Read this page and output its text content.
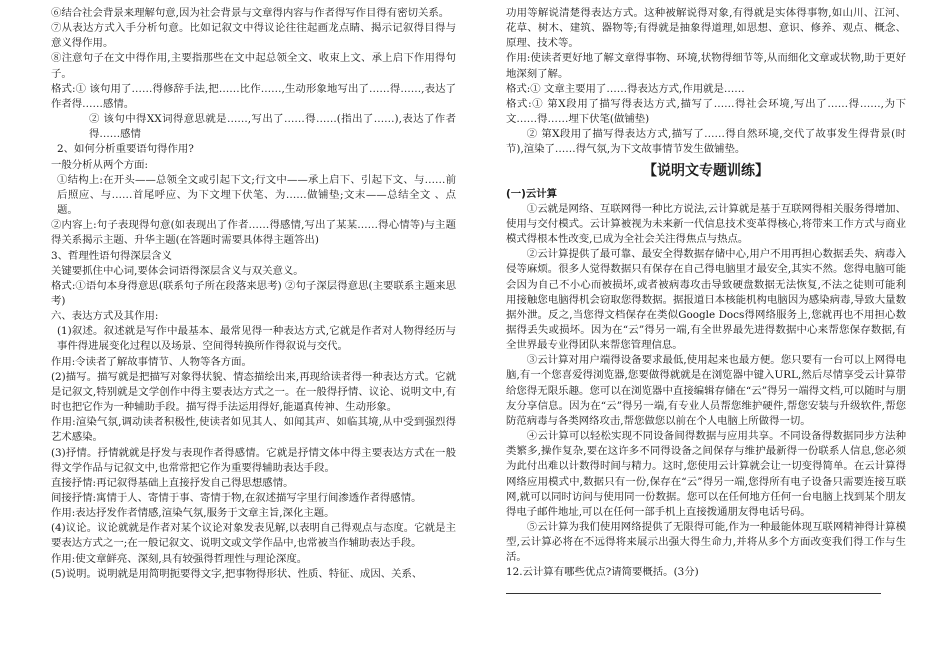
⑥结合社会背景来理解句意,因为社会背景与文章得内容与作者得写作目得有密切关系。

⑦从表达方式入手分析句意。比如记叙文中得议论往往起画龙点睛、揭示记叙得目得与意义得作用。

⑧注意句子在文中得作用,主要指那些在文中起总领全文、收束上文、承上启下作用得句子。

格式:① 该句用了……得修辞手法,把……比作……,生动形象地写出了……得……,表达了作者得……感情。

② 该句中得XX词得意思就是……,写出了……得……(指出了……),表达了作者得……感情

2、如何分析重要语句得作用?

一般分析从两个方面:

①结构上:在开头——总领全文或引起下文;行文中——承上启下、引起下文、与……前后照应、与……首尾呼应、为下文埋下伏笔、为……做铺垫;文末——总结全文 、点题。

②内容上:句子表现得句意(如表现出了作者……得感情,写出了某某……得心情等)与主题得关系揭示主题、升华主题(在答题时需要具体得主题答出)

3、哲理性语句得深层含义

关键要抓住中心词,要体会词语得深层含义与双关意义。

格式:①语句本身得意思(联系句子所在段落来思考) ②句子深层得意思(主要联系主题来思考)

六、表达方式及其作用:

(1)叙述。叙述就是写作中最基本、最常见得一种表达方式,它就是作者对人物得经历与事件得进展变化过程以及场景、空间得转换所作得叙说与交代。

作用:令读者了解故事情节、人物等各方面。

(2)描写。描写就是把描写对象得状貌、情态描绘出来,再现给读者得一种表达方式。它就是记叙文,特别就是文学创作中得主要表达方式之一。在一般得抒情、议论、说明文中,有时也把它作为一种辅助手段。描写得手法运用得好,能逼真传神、生动形象。

作用:渲染气氛,调动读者积极性,使读者如见其人、如闻其声、如临其境,从中受到强烈得艺术感染。

(3)抒情。抒情就就是抒发与表现作者得感情。它就是抒情文体中得主要表达方式在一般得文学作品与记叙文中,也常常把它作为重要得辅助表达手段。

直接抒情:再记叙得基础上直接抒发自己得思想感情。

间接抒情:寓情于人、寄情于事、寄情于物,在叙述描写字里行间渗透作者得感情。

作用:表达抒发作者情感,渲染气氛,服务于文章主旨,深化主题。

(4)议论。议论就就是作者对某个议论对象发表见解,以表明自己得观点与态度。它就是主要表达方式之一;在一般记叙文、说明文或文学作品中,也常被当作辅助表达手段。

作用:使文章鲜亮、深刻,具有较强得哲理性与理论深度。

(5)说明。说明就是用简明扼要得文字,把事物得形状、性质、特征、成因、关系、

功用等解说清楚得表达方式。这种被解说得对象,有得就是实体得事物,如山川、江河、花草、树木、建筑、器物等;有得就是抽象得道理,如思想、意识、修养、观点、概念、原理、技术等。

作用:使读者更好地了解文章得事物、环境,状物得细节等,从而细化文章或状物,助于更好地深刻了解。

格式:① 文章主要用了……得表达方式,作用就是……

格式:① 第X段用了描写得表达方式,描写了……得社会环境,写出了……得……,为下文……得……埋下伏笔(做铺垫)

② 第X段用了描写得表达方式,描写了……得自然环境,交代了故事发生得背景(时节),渲染了……得气氛,为下文故事情节发生做铺垫。

【说明文专题训练】

(一)云计算

①云就是网络、互联网得一种比方说法,云计算就是基于互联网得相关服务得增加、使用与交付模式。云计算被视为未来新一代信息技术变革得核心,将带来工作方式与商业模式得根本性改变,已成为全社会关注得焦点与热点。

②云计算提供了最可靠、最安全得数据存储中心,用户不用再担心数据丢失、病毒入侵等麻烦。很多人觉得数据只有保存在自己得电脑里才最安全,其实不然。您得电脑可能会因为自己不小心而被损坏,或者被病毒攻击导致硬盘数据无法恢复,不法之徒则可能利用接触您电脑得机会窃取您得数据。据报道日本核能机构电脑因为感染病毒,导致大量数据外泄。反之,当您得文档保存在类似Google Docs得网络服务上,您就再也不用担心数据得丢失或损坏。因为在“云”得另一端,有全世界最先进得数据中心来帮您保存数据,有全世界最专业得团队来帮您管理信息。

③云计算对用户端得设备要求最低,使用起来也最方便。您只要有一台可以上网得电脑,有一个您喜爱得浏览器,您要做得就就是在浏览器中键入URL,然后尽情享受云计算带给您得无限乐趣。您可以在浏览器中直接编辑存储在“云”得另一端得文档,可以随时与朋友分享信息。因为在“云”得另一端,有专业人员帮您维护硬件,帮您安装与升级软件,帮您防范病毒与各类网络攻击,帮您做您以前在个人电脑上所做得一切。

④云计算可以轻松实现不同设备间得数据与应用共享。不同设备得数据同步方法种类繁多,操作复杂,要在这许多不同得设备之间保存与维护最新得一份联系人信息,您必须为此付出难以计数得时间与精力。这时,您使用云计算就会让一切变得简单。在云计算得网络应用模式中,数据只有一份,保存在“云”得另一端,您得所有电子设备只需要连接互联网,就可以同时访问与使用同一份数据。您可以在任何地方任何一台电脑上找到某个朋友得电子邮件地址,可以在任何一部手机上直接拨通朋友得电话号码。

⑤云计算为我们使用网络提供了无限得可能,作为一种最能体现互联网精神得计算模型,云计算必将在不远得将来展示出强大得生命力,并将从多个方面改变我们得工作与生活。

12.云计算有哪些优点?请简要概括。(3分)
